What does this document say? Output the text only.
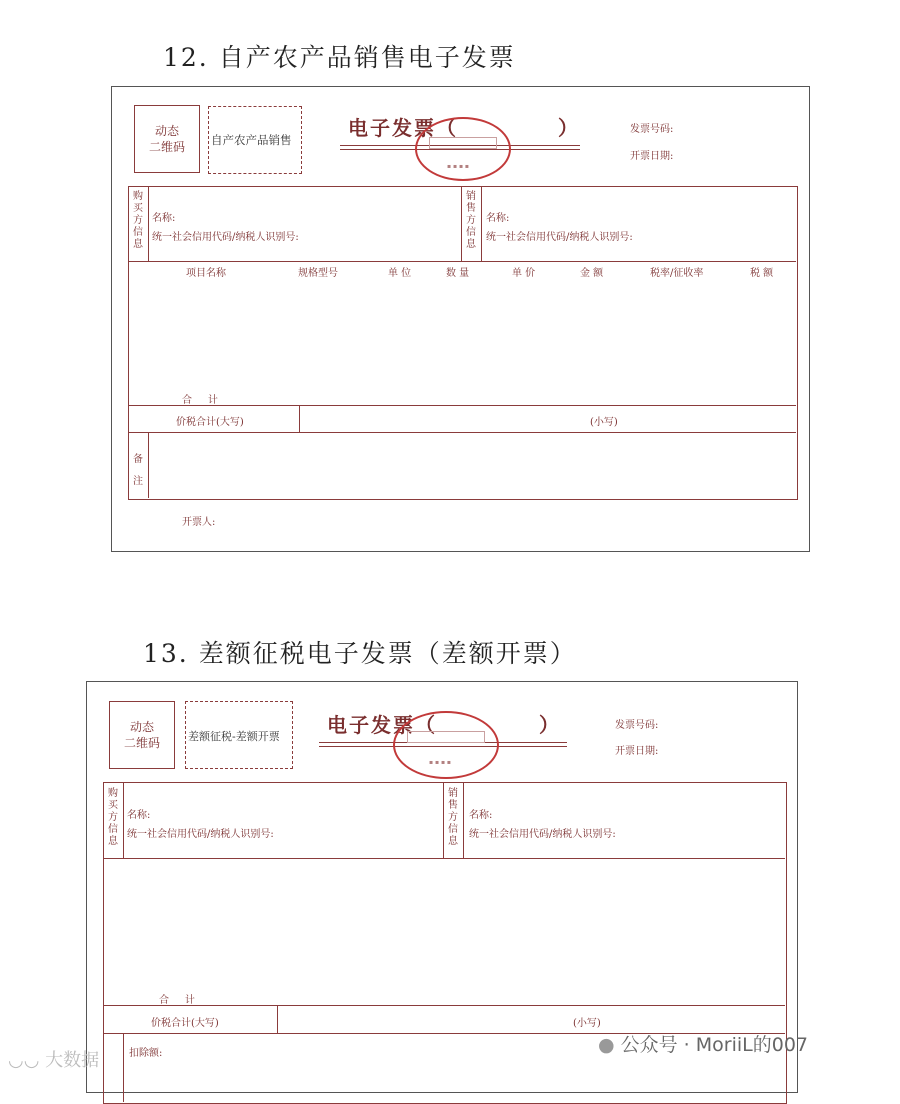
12. 自产农产品销售电子发票
动态
二维码	自产农产品销售	电子发票（	）
▪ ▪ ▪ ▪
发票号码:
开票日期:
购买方信息
名称:
统一社会信用代码/纳税人识别号:
销售方信息
名称:
统一社会信用代码/纳税人识别号:
项目名称	规格型号	单 位	数 量	单 价	金 额	税率/征收率	税 额
合     计
价税合计(大写)	(小写)
备注
开票人:
13. 差额征税电子发票（差额开票）
动态
二维码	差额征税-差额开票 电子发票（	）
▪ ▪ ▪ ▪
发票号码:
开票日期:
购买方信息
名称:
统一社会信用代码/纳税人识别号:
销售方信息
名称:
统一社会信用代码/纳税人识别号:
合     计
价税合计(大写)	(小写)
扣除额:
◡◡ 大数据
● 公众号 · MoriiL的007
